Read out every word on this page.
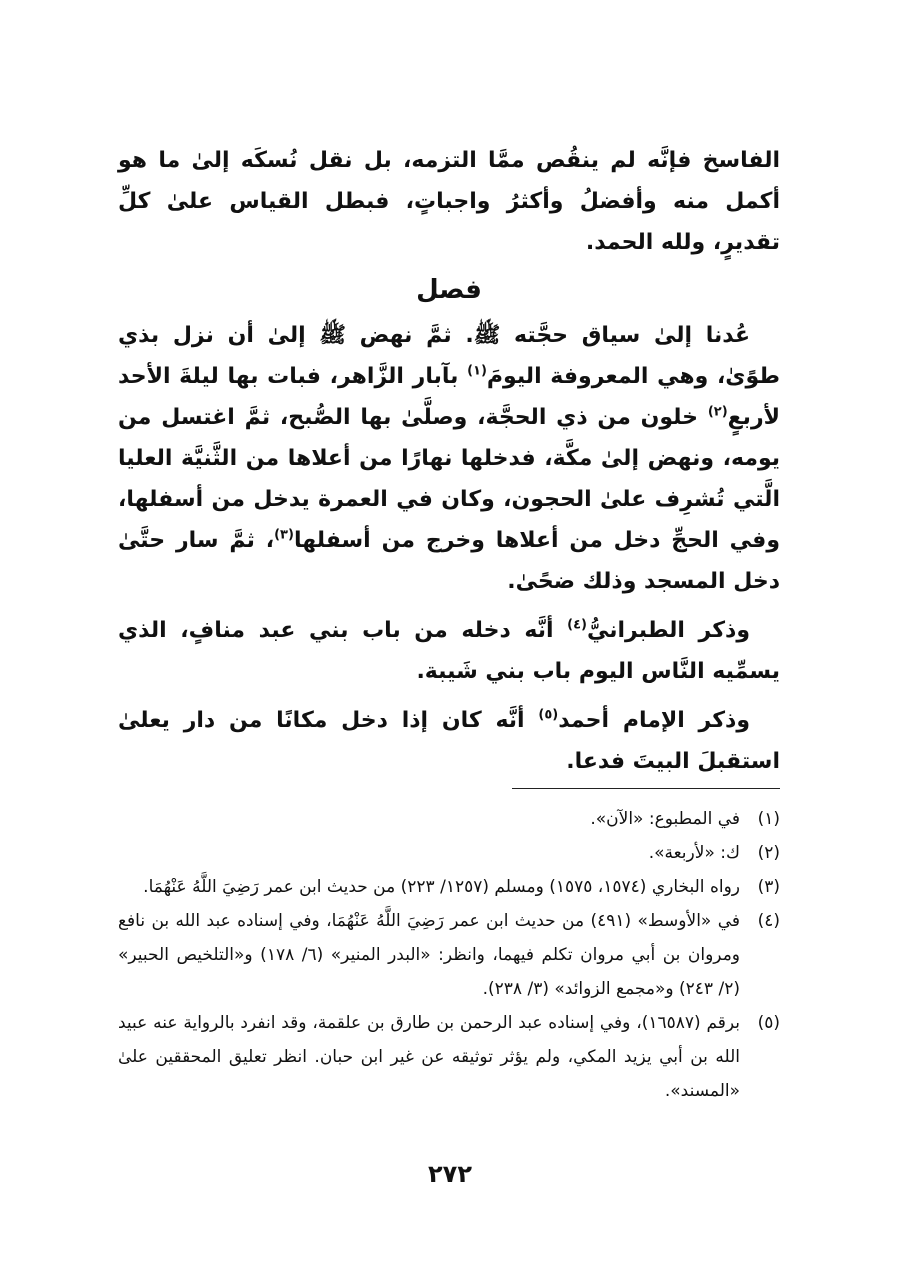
الفاسخ فإنَّه لم ينقُص ممَّا التزمه، بل نقل نُسكَه إلىٰ ما هو أكمل منه وأفضلُ وأكثرُ واجباتٍ، فبطل القياس علىٰ كلِّ تقديرٍ، ولله الحمد.

فصل

عُدنا إلىٰ سياق حجَّته ﷺ. ثمَّ نهض ﷺ إلىٰ أن نزل بذي طوًىٰ، وهي المعروفة اليومَ$^{(١)}$ بآبار الزَّاهر، فبات بها ليلةَ الأحد لأربعٍ$^{(٢)}$ خلون من ذي الحجَّة، وصلَّىٰ بها الصُّبح، ثمَّ اغتسل من يومه، ونهض إلىٰ مكَّة، فدخلها نهارًا من أعلاها من الثَّنيَّة العليا الَّتي تُشرِف علىٰ الحجون، وكان في العمرة يدخل من أسفلها، وفي الحجِّ دخل من أعلاها وخرج من أسفلها$^{(٣)}$، ثمَّ سار حتَّىٰ دخل المسجد وذلك ضحًىٰ.

وذكر الطبرانيُّ$^{(٤)}$ أنَّه دخله من باب بني عبد منافٍ، الذي يسمِّيه النَّاس اليوم باب بني شَيبة.

وذكر الإمام أحمد$^{(٥)}$ أنَّه كان إذا دخل مكانًا من دار يعلىٰ استقبلَ البيتَ فدعا.

(١)
في المطبوع: «الآن».
(٢)
ك: «لأربعة».
(٣)
رواه البخاري (١٥٧٤، ١٥٧٥) ومسلم (١٢٥٧/ ٢٢٣) من حديث ابن عمر رَضِيَ اللَّهُ عَنْهُمَا.
(٤)
في «الأوسط» (٤٩١) من حديث ابن عمر رَضِيَ اللَّهُ عَنْهُمَا، وفي إسناده عبد الله بن نافع ومروان بن أبي مروان تكلم فيهما، وانظر: «البدر المنير» (٦/ ١٧٨) و«التلخيص الحبير» (٢/ ٢٤٣) و«مجمع الزوائد» (٣/ ٢٣٨).
(٥)
برقم (١٦٥٨٧)، وفي إسناده عبد الرحمن بن طارق بن علقمة، وقد انفرد بالرواية عنه عبيد الله بن أبي يزيد المكي، ولم يؤثر توثيقه عن غير ابن حبان. انظر تعليق المحققين علىٰ «المسند».
٢٧٢
